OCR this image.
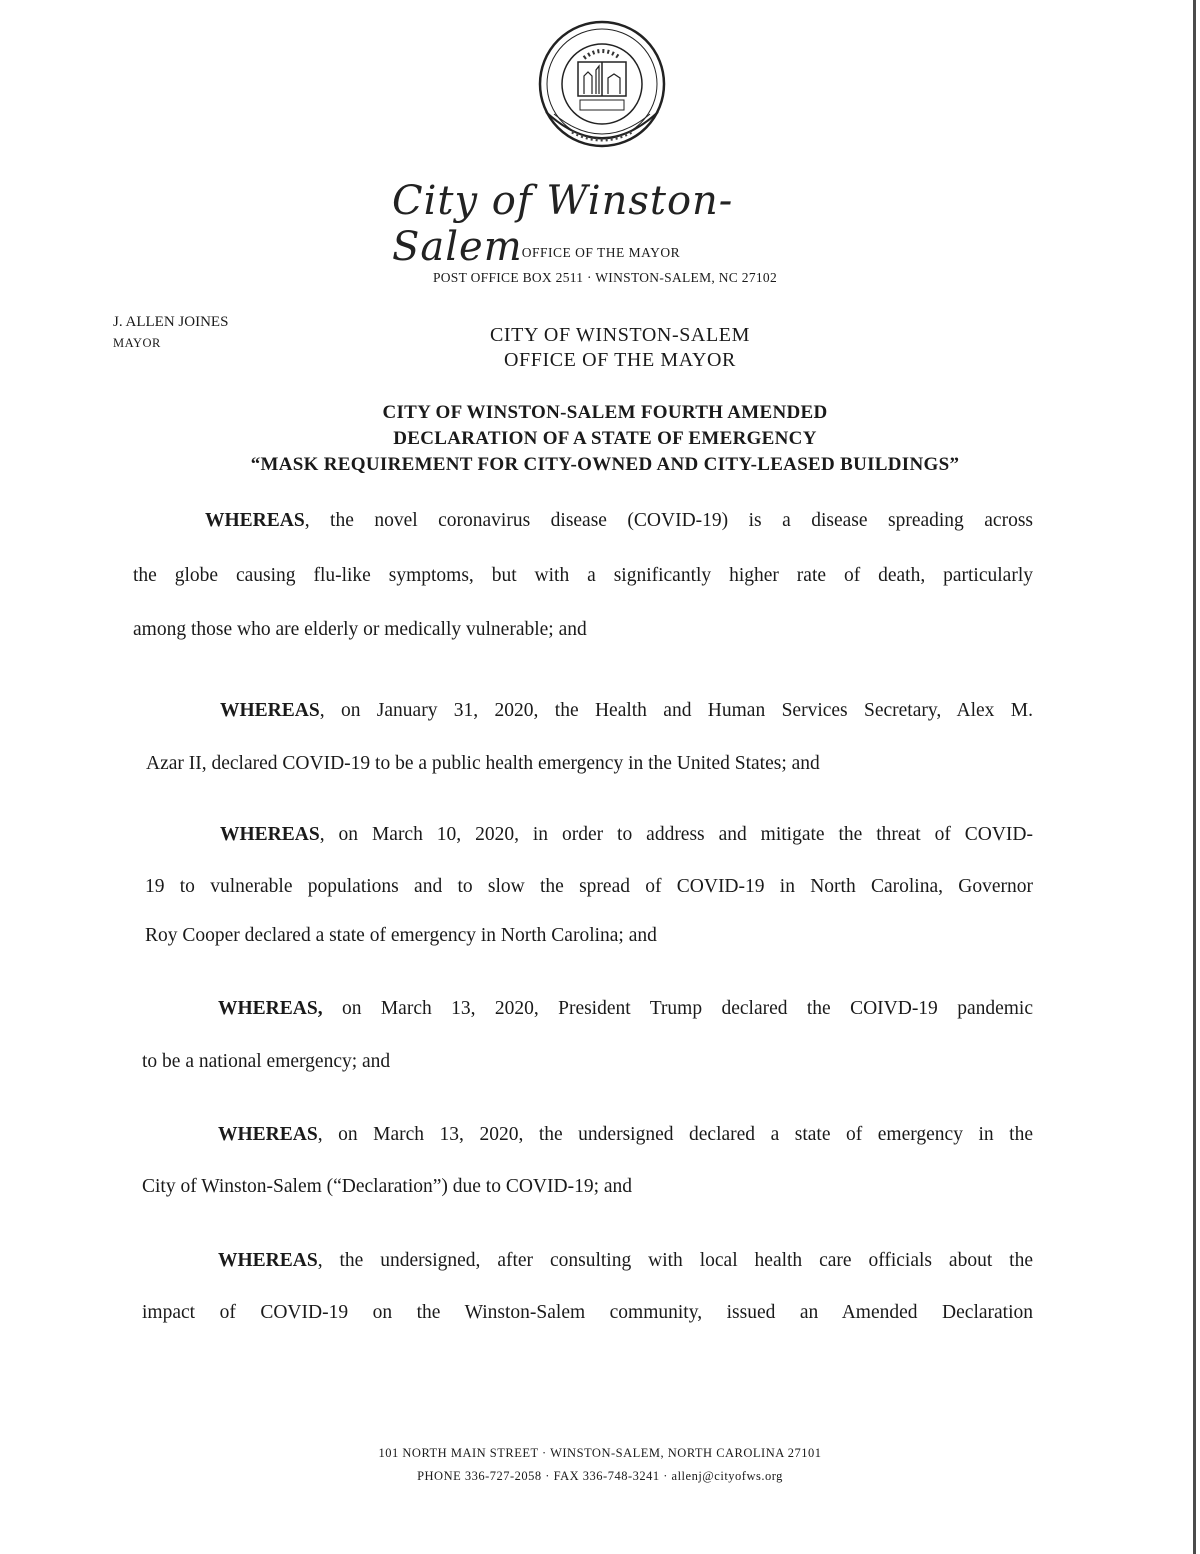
City of Winston-Salem OFFICE OF THE MAYOR
POST OFFICE BOX 2511 · WINSTON-SALEM, NC 27102
J. ALLEN JOINES
MAYOR	CITY OF WINSTON-SALEM
OFFICE OF THE MAYOR
CITY OF WINSTON-SALEM FOURTH AMENDED
DECLARATION OF A STATE OF EMERGENCY
“MASK REQUIREMENT FOR CITY-OWNED AND CITY-LEASED BUILDINGS”
WHEREAS, the novel coronavirus disease (COVID-19) is a disease spreading across
the globe causing flu-like symptoms, but with a significantly higher rate of death, particularly
among those who are elderly or medically vulnerable; and
WHEREAS, on January 31, 2020, the Health and Human Services Secretary, Alex M.
Azar II, declared COVID-19 to be a public health emergency in the United States; and
WHEREAS, on March 10, 2020, in order to address and mitigate the threat of COVID-
19 to vulnerable populations and to slow the spread of COVID-19 in North Carolina, Governor
Roy Cooper declared a state of emergency in North Carolina; and
WHEREAS, on March 13, 2020, President Trump declared the COIVD-19 pandemic
to be a national emergency; and
WHEREAS, on March 13, 2020, the undersigned declared a state of emergency in the
City of Winston-Salem (“Declaration”) due to COVID-19; and
WHEREAS, the undersigned, after consulting with local health care officials about the
impact of COVID-19 on the Winston-Salem community, issued an Amended Declaration
101 NORTH MAIN STREET · WINSTON-SALEM, NORTH CAROLINA 27101
PHONE 336-727-2058 · FAX 336-748-3241 · allenj@cityofws.org
